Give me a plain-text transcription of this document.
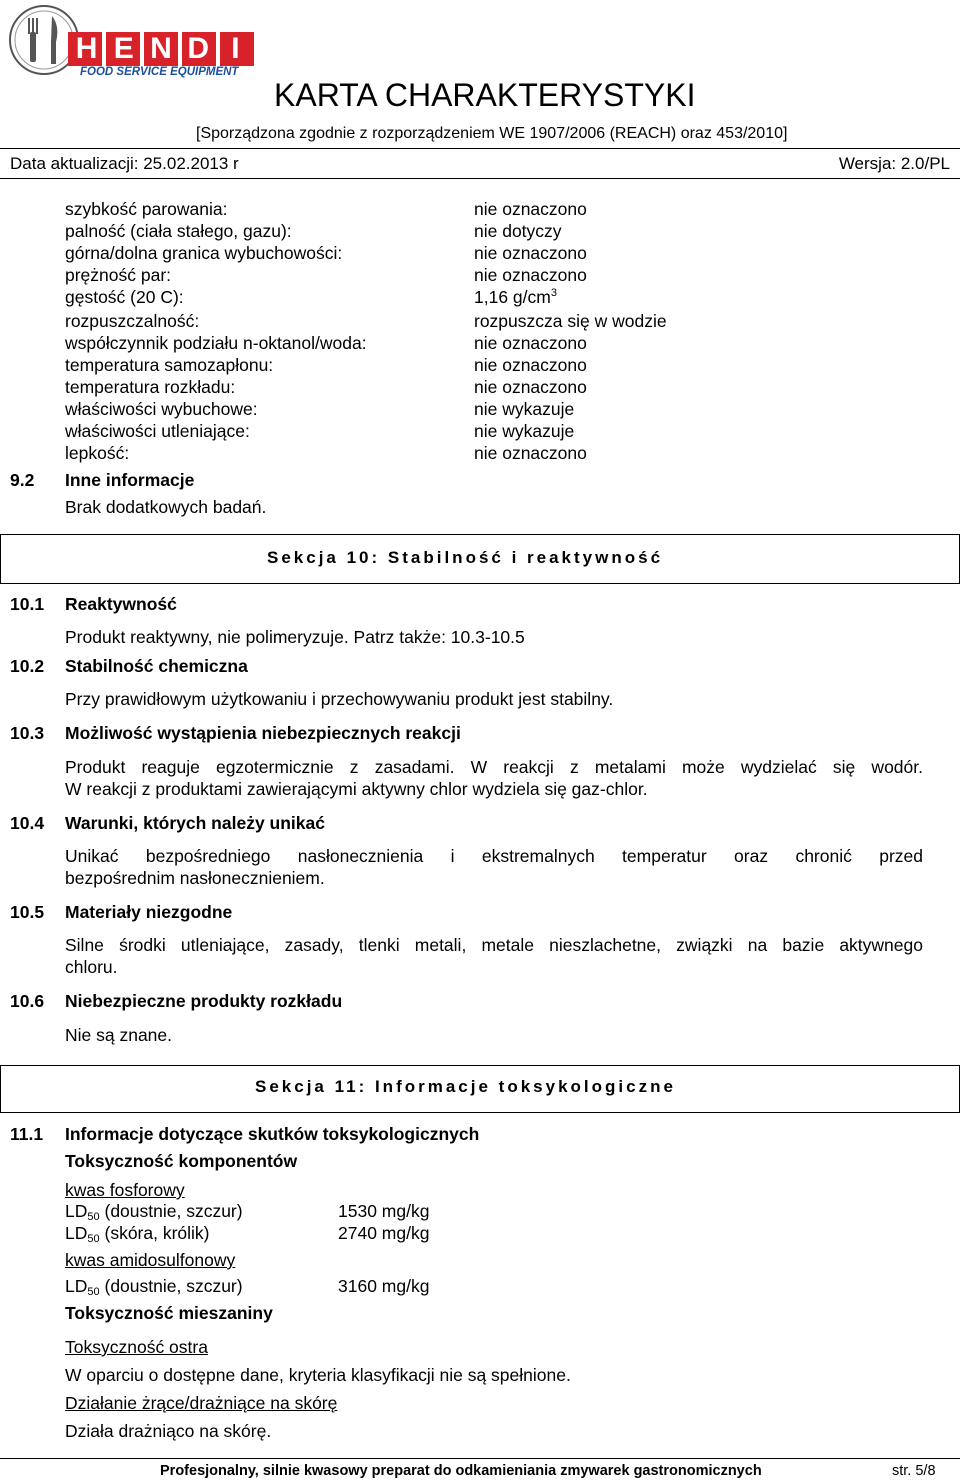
H E N D I
FOOD SERVICE EQUIPMENT
KARTA CHARAKTERYSTYKI
[Sporządzona zgodnie z rozporządzeniem WE 1907/2006 (REACH) oraz 453/2010]
Data aktualizacji: 25.02.2013 r	Wersja: 2.0/PL
szybkość parowania:	nie oznaczono
palność (ciała stałego, gazu):	nie dotyczy
górna/dolna granica wybuchowości:	nie oznaczono
prężność par:	nie oznaczono
gęstość (20 C):	1,16 $g/cm^3$
rozpuszczalność:	rozpuszcza się w wodzie
współczynnik podziału n-oktanol/woda:	nie oznaczono
temperatura samozapłonu:	nie oznaczono
temperatura rozkładu:	nie oznaczono
właściwości wybuchowe:	nie wykazuje
właściwości utleniające:	nie wykazuje
lepkość:	nie oznaczono
9.2 Inne informacje
Brak dodatkowych badań.
Sekcja 10: Stabilność i reaktywność
10.1 Reaktywność
Produkt reaktywny, nie polimeryzuje. Patrz także: 10.3-10.5
10.2 Stabilność chemiczna
Przy prawidłowym użytkowaniu i przechowywaniu produkt jest stabilny.
10.3 Możliwość wystąpienia niebezpiecznych reakcji
Produkt reaguje egzotermicznie z zasadami. W reakcji z metalami może wydzielać się wodór.
W reakcji z produktami zawierającymi aktywny chlor wydziela się gaz-chlor.
10.4 Warunki, których należy unikać
Unikać bezpośredniego nasłonecznienia i ekstremalnych temperatur oraz chronić przed
bezpośrednim nasłonecznieniem.
10.5 Materiały niezgodne
Silne środki utleniające, zasady, tlenki metali, metale nieszlachetne, związki na bazie aktywnego
chloru.
10.6 Niebezpieczne produkty rozkładu
Nie są znane.
Sekcja 11: Informacje toksykologiczne
11.1 Informacje dotyczące skutków toksykologicznych
Toksyczność komponentów
kwas fosforowy
$LD_{50}$ (doustnie, szczur)	1530 mg/kg
$LD_{50}$ (skóra, królik)	2740 mg/kg
kwas amidosulfonowy
$LD_{50}$ (doustnie, szczur)	3160 mg/kg
Toksyczność mieszaniny
Toksyczność ostra
W oparciu o dostępne dane, kryteria klasyfikacji nie są spełnione.
Działanie żrące/drażniące na skórę
Działa drażniąco na skórę.
Profesjonalny, silnie kwasowy preparat do odkamieniania zmywarek gastronomicznych	str. 5/8
